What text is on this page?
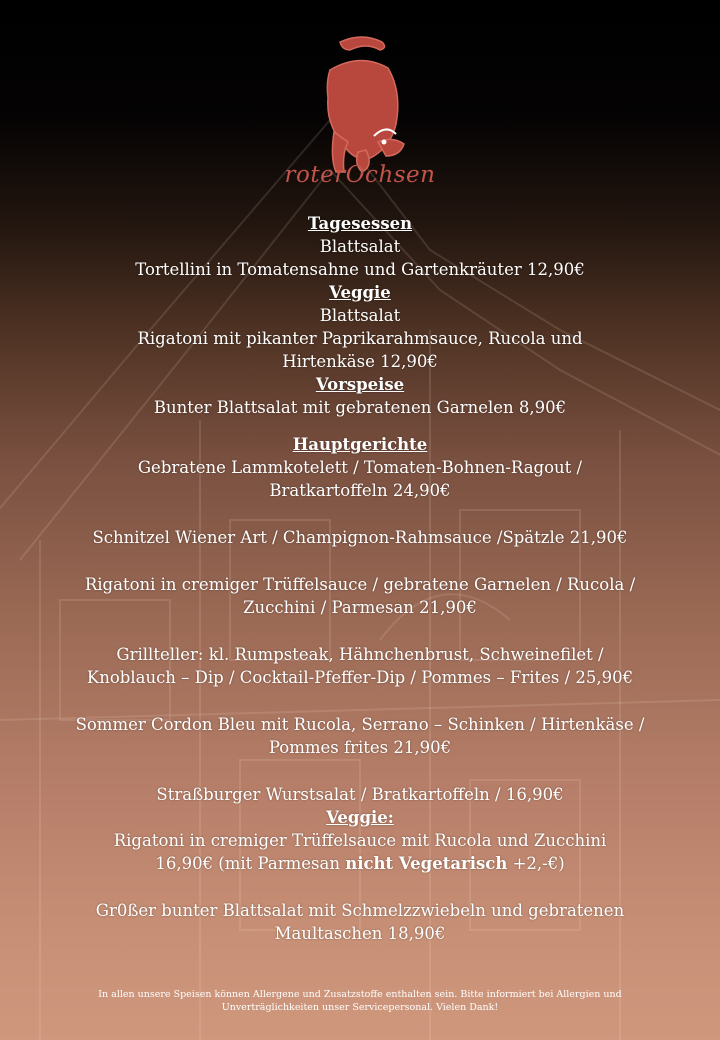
roterOchsen
Tagesessen
Blattsalat
Tortellini in Tomatensahne und Gartenkräuter 12,90€
Veggie
Blattsalat
Rigatoni mit pikanter Paprikarahmsauce, Rucola und
Hirtenkäse 12,90€
Vorspeise
Bunter Blattsalat mit gebratenen Garnelen 8,90€
Hauptgerichte
Gebratene Lammkotelett / Tomaten-Bohnen-Ragout /
Bratkartoffeln 24,90€
Schnitzel Wiener Art / Champignon-Rahmsauce /Spätzle 21,90€
Rigatoni in cremiger Trüffelsauce / gebratene Garnelen / Rucola /
Zucchini / Parmesan 21,90€
Grillteller: kl. Rumpsteak, Hähnchenbrust, Schweinefilet /
Knoblauch – Dip / Cocktail-Pfeffer-Dip / Pommes – Frites / 25,90€
Sommer Cordon Bleu mit Rucola, Serrano – Schinken / Hirtenkäse /
Pommes frites 21,90€
Straßburger Wurstsalat / Bratkartoffeln / 16,90€
Veggie:
Rigatoni in cremiger Trüffelsauce mit Rucola und Zucchini
16,90€ (mit Parmesan nicht Vegetarisch +2,-€)
Gr0ßer bunter Blattsalat mit Schmelzzwiebeln und gebratenen
Maultaschen 18,90€
In allen unsere Speisen können Allergene und Zusatzstoffe enthalten sein. Bitte informiert bei Allergien und
Unverträglichkeiten unser Servicepersonal. Vielen Dank!
